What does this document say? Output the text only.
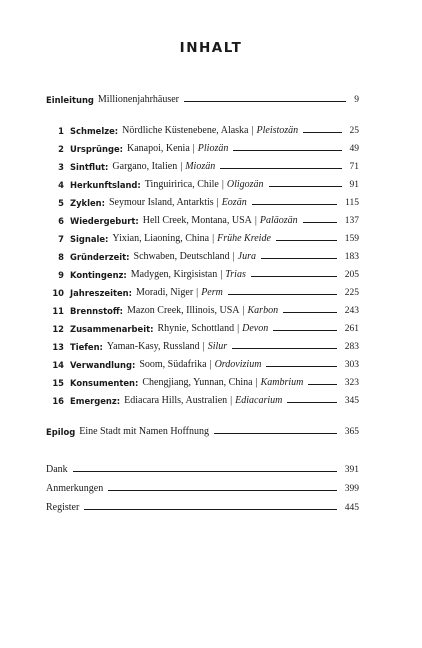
INHALT
Einleitung Millionenjahrhäuser	9
1 Schmelze: Nördliche Küstenebene, Alaska | Pleistozän	25
2 Ursprünge: Kanapoi, Kenia | Pliozän	49
3 Sintflut: Gargano, Italien | Miozän	71
4 Herkunftsland: Tinguiririca, Chile | Oligozän	91
5 Zyklen: Seymour Island, Antarktis | Eozän	115
6 Wiedergeburt: Hell Creek, Montana, USA | Paläozän	137
7 Signale: Yixian, Liaoning, China | Frühe Kreide	159
8 Gründerzeit: Schwaben, Deutschland | Jura	183
9 Kontingenz: Madygen, Kirgisistan | Trias	205
10 Jahreszeiten: Moradi, Niger | Perm	225
11 Brennstoff: Mazon Creek, Illinois, USA | Karbon	243
12 Zusammenarbeit: Rhynie, Schottland | Devon	261
13 Tiefen: Yaman-Kasy, Russland | Silur	283
14 Verwandlung: Soom, Südafrika | Ordovizium	303
15 Konsumenten: Chengjiang, Yunnan, China | Kambrium	323
16 Emergenz: Ediacara Hills, Australien | Ediacarium	345
Epilog Eine Stadt mit Namen Hoffnung	365
Dank	391
Anmerkungen	399
Register	445
